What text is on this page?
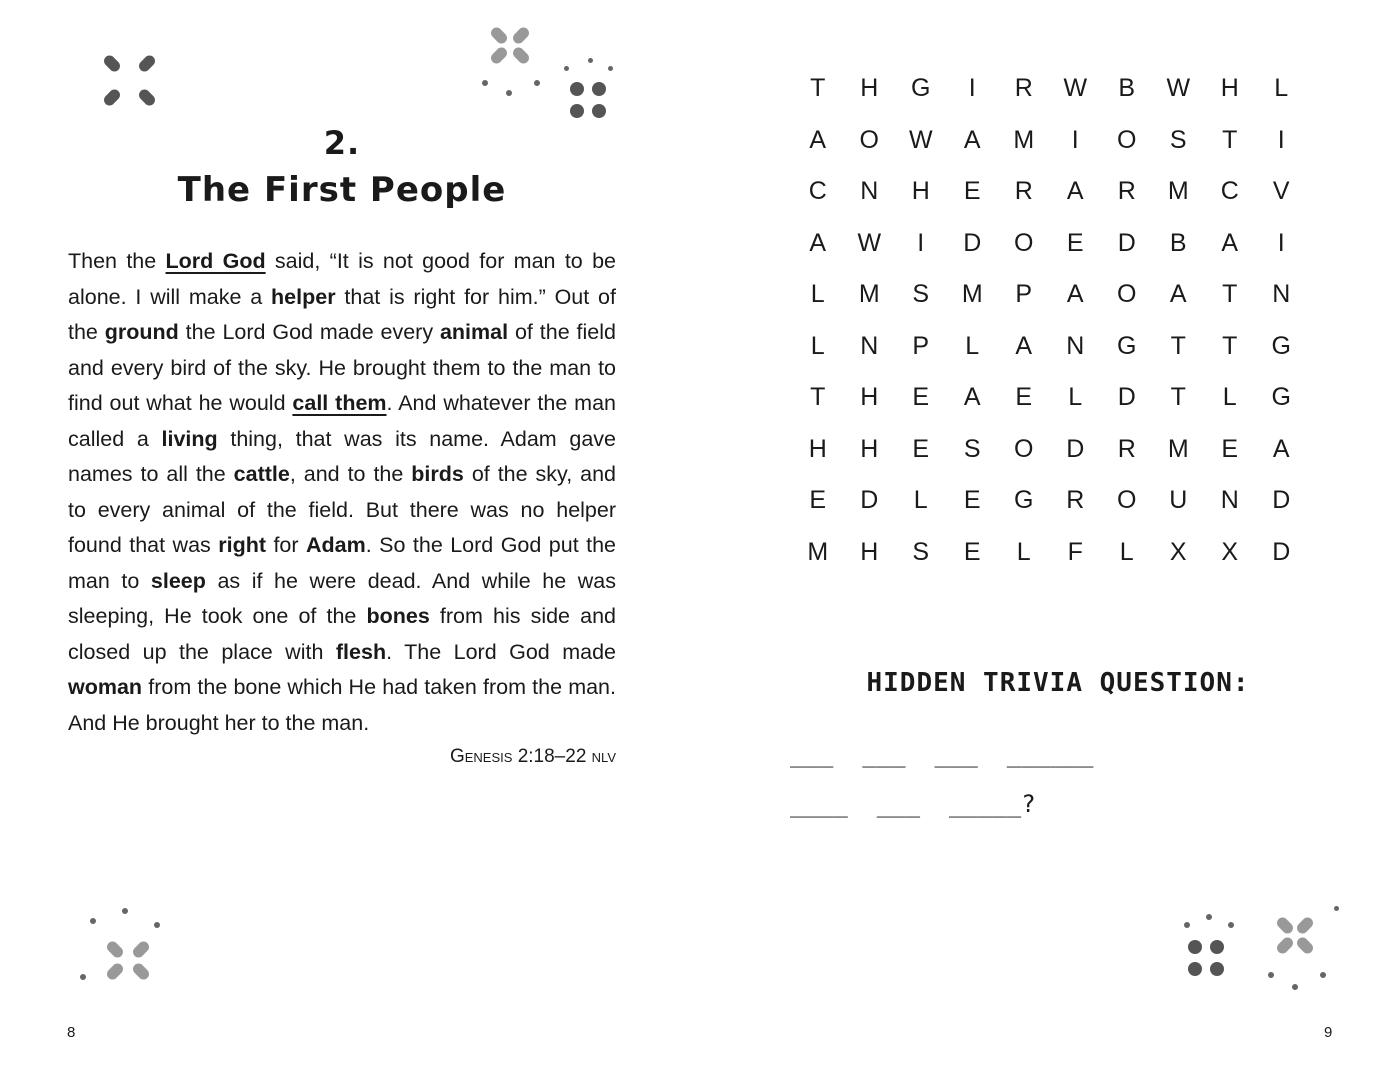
2.
The First People
Then the Lord God said, “It is not good for man to be alone. I will make a helper that is right for him.” Out of the ground the Lord God made every animal of the field and every bird of the sky. He brought them to the man to find out what he would call them. And whatever the man called a living thing, that was its name. Adam gave names to all the cattle, and to the birds of the sky, and to every animal of the field. But there was no helper found that was right for Adam. So the Lord God put the man to sleep as if he were dead. And while he was sleeping, He took one of the bones from his side and closed up the place with flesh. The Lord God made woman from the bone which He had taken from the man. And He brought her to the man.
Genesis 2:18–22 nlv
8
T	H	G	I	R	W	B	W	H	L
A	O	W	A	M	I	O	S	T	I
C	N	H	E	R	A	R	M	C	V
A	W	I	D	O	E	D	B	A	I
L	M	S	M	P	A	O	A	T	N
L	N	P	L	A	N	G	T	T	G
T	H	E	A	E	L	D	T	L	G
H	H	E	S	O	D	R	M	E	A
E	D	L	E	G	R	O	U	N	D
M	H	S	E	L	F	L	X	X	D
HIDDEN TRIVIA QUESTION:
___  ___  ___  ______
____  ___  _____?
9
